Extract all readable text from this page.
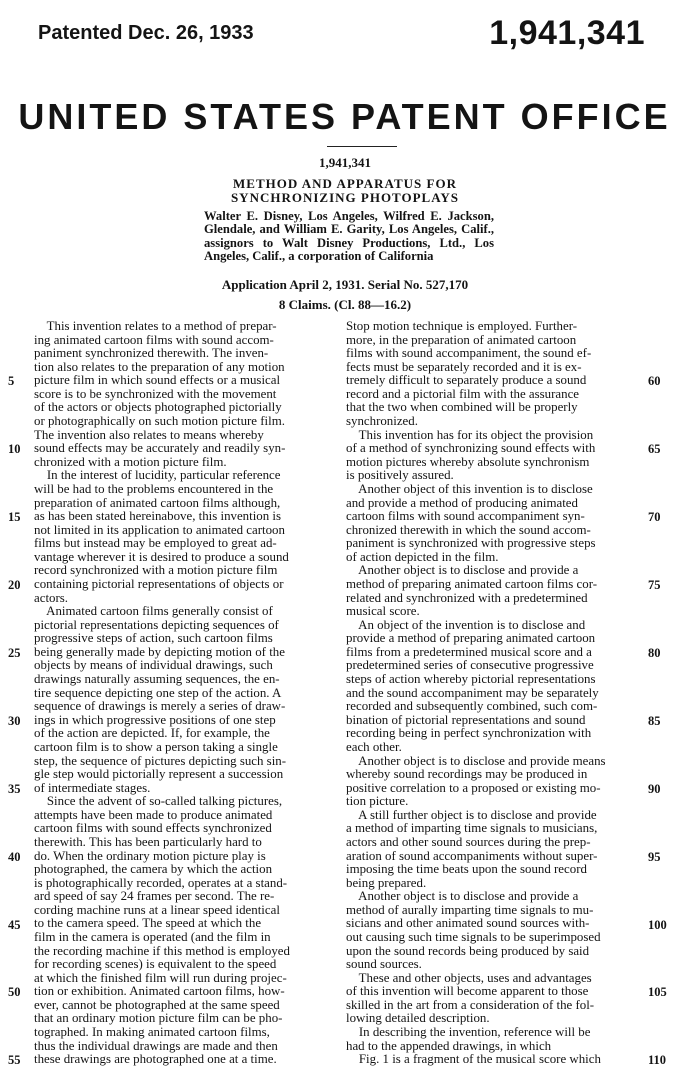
Patented Dec. 26, 1933	1,941,341
UNITED STATES PATENT OFFICE
1,941,341
METHOD AND APPARATUS FOR
SYNCHRONIZING PHOTOPLAYS
Walter E. Disney, Los Angeles, Wilfred E. Jackson, Glendale, and William E. Garity, Los Angeles, Calif., assignors to Walt Disney Productions, Ltd., Los Angeles, Calif., a corporation of California
Application April 2, 1931. Serial No. 527,170
8 Claims. (Cl. 88—16.2)
This invention relates to a method of prepar-
ing animated cartoon films with sound accom-
paniment synchronized therewith. The inven-
tion also relates to the preparation of any motion
picture film in which sound effects or a musical
score is to be synchronized with the movement
of the actors or objects photographed pictorially
or photographically on such motion picture film.
The invention also relates to means whereby
sound effects may be accurately and readily syn-
chronized with a motion picture film.
In the interest of lucidity, particular reference
will be had to the problems encountered in the
preparation of animated cartoon films although,
as has been stated hereinabove, this invention is
not limited in its application to animated cartoon
films but instead may be employed to great ad-
vantage wherever it is desired to produce a sound
record synchronized with a motion picture film
containing pictorial representations of objects or
actors.
Animated cartoon films generally consist of
pictorial representations depicting sequences of
progressive steps of action, such cartoon films
being generally made by depicting motion of the
objects by means of individual drawings, such
drawings naturally assuming sequences, the en-
tire sequence depicting one step of the action. A
sequence of drawings is merely a series of draw-
ings in which progressive positions of one step
of the action are depicted. If, for example, the
cartoon film is to show a person taking a single
step, the sequence of pictures depicting such sin-
gle step would pictorially represent a succession
of intermediate stages.
Since the advent of so-called talking pictures,
attempts have been made to produce animated
cartoon films with sound effects synchronized
therewith. This has been particularly hard to
do. When the ordinary motion picture play is
photographed, the camera by which the action
is photographically recorded, operates at a stand-
ard speed of say 24 frames per second. The re-
cording machine runs at a linear speed identical
to the camera speed. The speed at which the
film in the camera is operated (and the film in
the recording machine if this method is employed
for recording scenes) is equivalent to the speed
at which the finished film will run during projec-
tion or exhibition. Animated cartoon films, how-
ever, cannot be photographed at the same speed
that an ordinary motion picture film can be pho-
tographed. In making animated cartoon films,
thus the individual drawings are made and then
these drawings are photographed one at a time.
Stop motion technique is employed. Further-
more, in the preparation of animated cartoon
films with sound accompaniment, the sound ef-
fects must be separately recorded and it is ex-
tremely difficult to separately produce a sound
record and a pictorial film with the assurance
that the two when combined will be properly
synchronized.
This invention has for its object the provision
of a method of synchronizing sound effects with
motion pictures whereby absolute synchronism
is positively assured.
Another object of this invention is to disclose
and provide a method of producing animated
cartoon films with sound accompaniment syn-
chronized therewith in which the sound accom-
paniment is synchronized with progressive steps
of action depicted in the film.
Another object is to disclose and provide a
method of preparing animated cartoon films cor-
related and synchronized with a predetermined
musical score.
An object of the invention is to disclose and
provide a method of preparing animated cartoon
films from a predetermined musical score and a
predetermined series of consecutive progressive
steps of action whereby pictorial representations
and the sound accompaniment may be separately
recorded and subsequently combined, such com-
bination of pictorial representations and sound
recording being in perfect synchronization with
each other.
Another object is to disclose and provide means
whereby sound recordings may be produced in
positive correlation to a proposed or existing mo-
tion picture.
A still further object is to disclose and provide
a method of imparting time signals to musicians,
actors and other sound sources during the prep-
aration of sound accompaniments without super-
imposing the time beats upon the sound record
being prepared.
Another object is to disclose and provide a
method of aurally imparting time signals to mu-
sicians and other animated sound sources with-
out causing such time signals to be superimposed
upon the sound records being produced by said
sound sources.
These and other objects, uses and advantages
of this invention will become apparent to those
skilled in the art from a consideration of the fol-
lowing detailed description.
In describing the invention, reference will be
had to the appended drawings, in which
Fig. 1 is a fragment of the musical score which
5
10
15
20
25
30
35
40
45
50
55
60
65
70
75
80
85
90
95
100
105
110
